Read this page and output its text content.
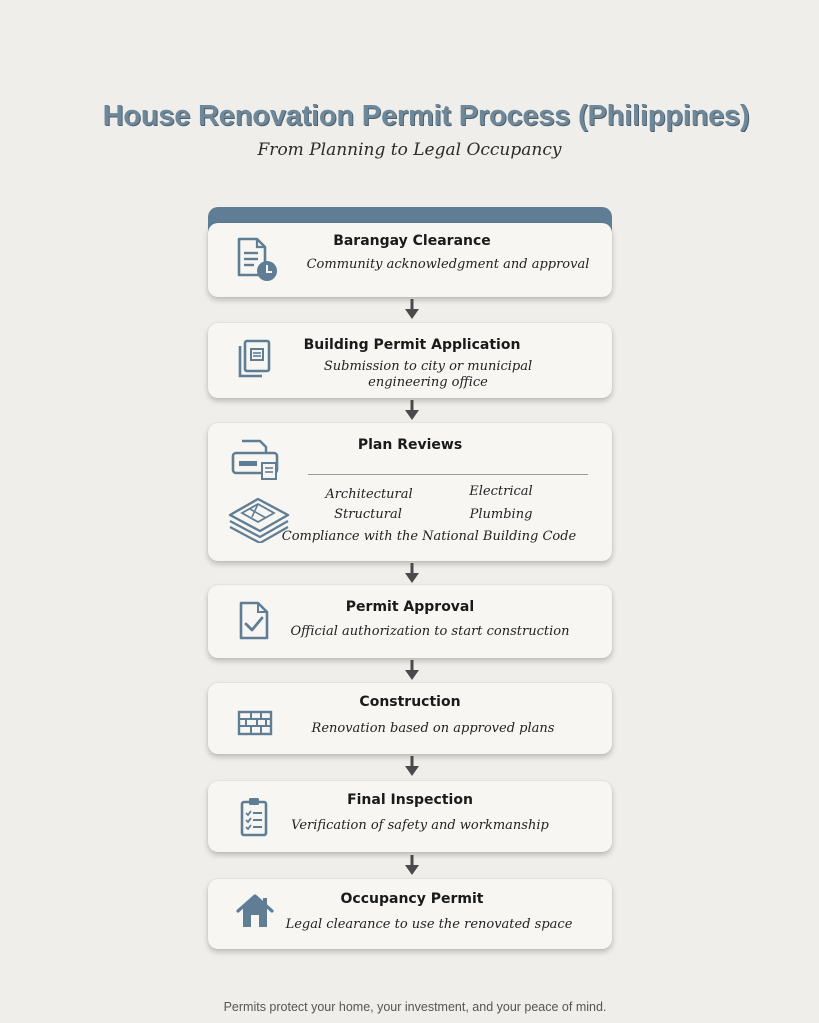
House Renovation Permit Process (Philippines)
From Planning to Legal Occupancy
Barangay Clearance
Community acknowledgment and approval
Building Permit Application
Submission to city or municipal
engineering office
Plan Reviews
Architectural	Electrical
Structural	Plumbing
Compliance with the National Building Code
Permit Approval
Official authorization to start construction
Construction
Renovation based on approved plans
Final Inspection
Verification of safety and workmanship
Occupancy Permit
Legal clearance to use the renovated space
Permits protect your home, your investment, and your peace of mind.
